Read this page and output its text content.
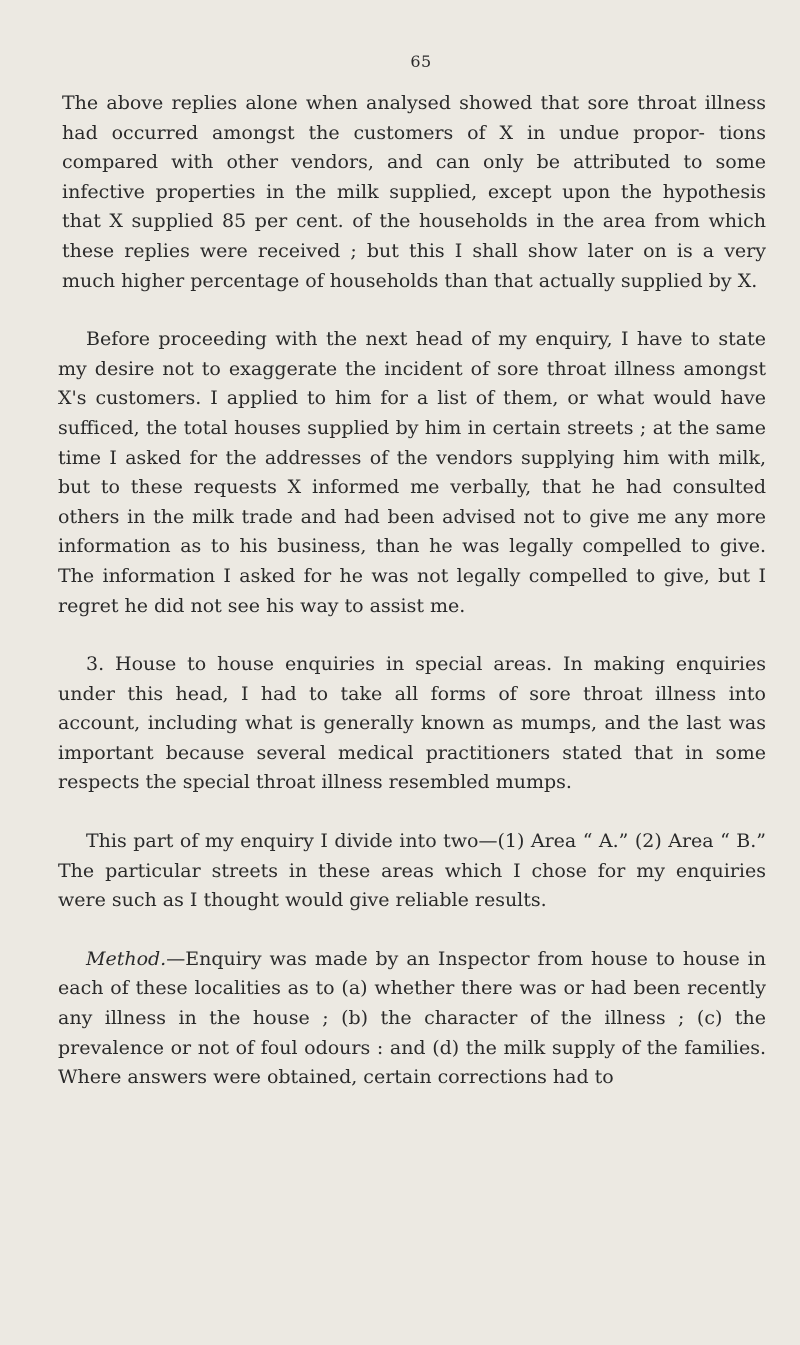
65

The above replies alone when analysed showed that sore throat illness had occurred amongst the customers of X in undue propor- tions compared with other vendors, and can only be attributed to some infective properties in the milk supplied, except upon the hypothesis that X supplied 85 per cent. of the households in the area from which these replies were received ; but this I shall show later on is a very much higher percentage of households than that actually supplied by X.

Before proceeding with the next head of my enquiry, I have to state my desire not to exaggerate the incident of sore throat illness amongst X's customers. I applied to him for a list of them, or what would have sufficed, the total houses supplied by him in certain streets ; at the same time I asked for the addresses of the vendors supplying him with milk, but to these requests X informed me verbally, that he had consulted others in the milk trade and had been advised not to give me any more information as to his business, than he was legally compelled to give. The information I asked for he was not legally compelled to give, but I regret he did not see his way to assist me.

3. House to house enquiries in special areas. In making enquiries under this head, I had to take all forms of sore throat illness into account, including what is generally known as mumps, and the last was important because several medical practitioners stated that in some respects the special throat illness resembled mumps.

This part of my enquiry I divide into two—(1) Area “ A.” (2) Area “ B.” The particular streets in these areas which I chose for my enquiries were such as I thought would give reliable results.

Method.—Enquiry was made by an Inspector from house to house in each of these localities as to (a) whether there was or had been recently any illness in the house ; (b) the character of the illness ; (c) the prevalence or not of foul odours : and (d) the milk supply of the families. Where answers were obtained, certain corrections had to
